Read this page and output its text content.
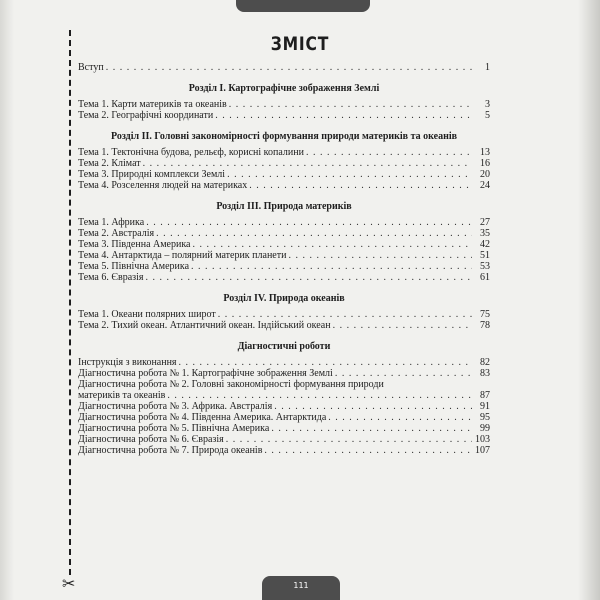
✂
ЗМІСТ
Вступ . . .	1
Розділ І. Картографічне зображення Землі
Тема 1. Карти материків та океанів . . .	3
Тема 2. Географічні координати . . .	5
Розділ ІІ. Головні закономірності формування природи материків та океанів
Тема 1. Тектонічна будова, рельєф, корисні копалини . . .	13
Тема 2. Клімат . . .	16
Тема 3. Природні комплекси Землі . . .	20
Тема 4. Розселення людей на материках . . .	24
Розділ ІІІ. Природа материків
Тема 1. Африка . . .	27
Тема 2. Австралія . . .	35
Тема 3. Південна Америка . . .	42
Тема 4. Антарктида – полярний материк планети . . .	51
Тема 5. Північна Америка . . .	53
Тема 6. Євразія . . .	61
Розділ IV. Природа океанів
Тема 1. Океани полярних широт . . .	75
Тема 2. Тихий океан. Атлантичний океан. Індійський океан . . .	78
Діагностичні роботи
Інструкція з виконання . . .	82
Діагностична робота № 1. Картографічне зображення Землі . . .	83
Діагностична робота № 2. Головні закономірності формування природи
материків та океанів . . .	87
Діагностична робота № 3. Африка. Австралія . . .	91
Діагностична робота № 4. Південна Америка. Антарктида . . .	95
Діагностична робота № 5. Північна Америка . . .	99
Діагностична робота № 6. Євразія . . .	103
Діагностична робота № 7. Природа океанів . . .	107
111
